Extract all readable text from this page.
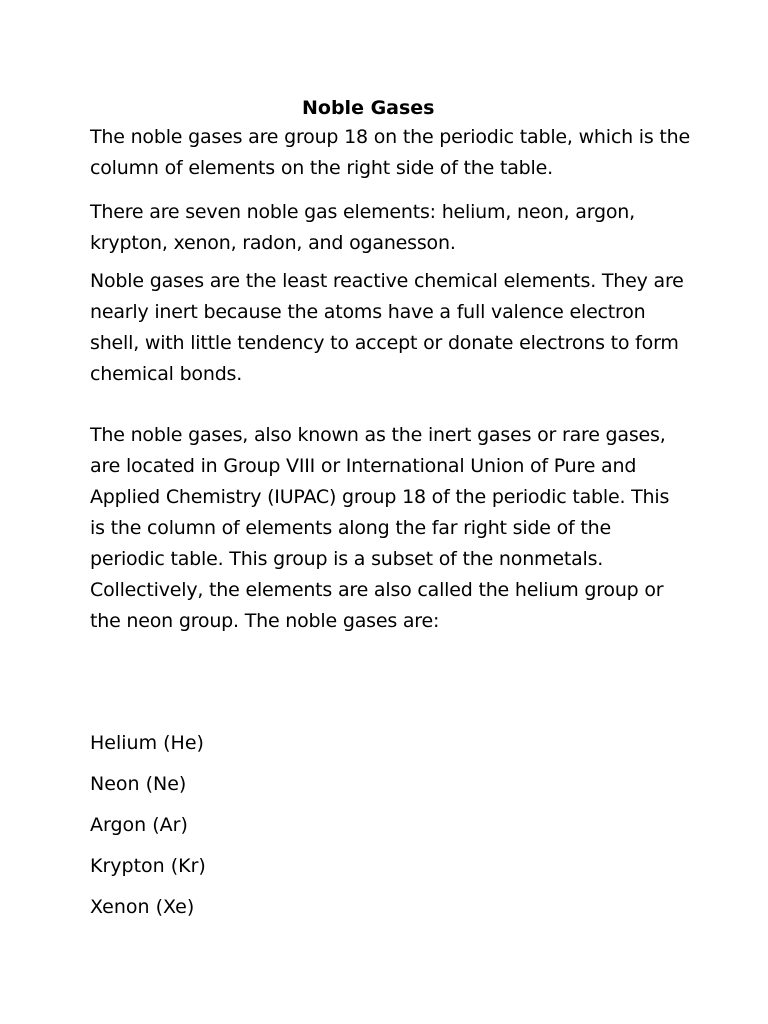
Noble Gases
The noble gases are group 18 on the periodic table, which is the
column of elements on the right side of the table.
There are seven noble gas elements: helium, neon, argon,
krypton, xenon, radon, and oganesson.
Noble gases are the least reactive chemical elements. They are
nearly inert because the atoms have a full valence electron
shell, with little tendency to accept or donate electrons to form
chemical bonds.
The noble gases, also known as the inert gases or rare gases,
are located in Group VIII or International Union of Pure and
Applied Chemistry (IUPAC) group 18 of the periodic table. This
is the column of elements along the far right side of the
periodic table. This group is a subset of the nonmetals.
Collectively, the elements are also called the helium group or
the neon group. The noble gases are:
Helium (He)
Neon (Ne)
Argon (Ar)
Krypton (Kr)
Xenon (Xe)
